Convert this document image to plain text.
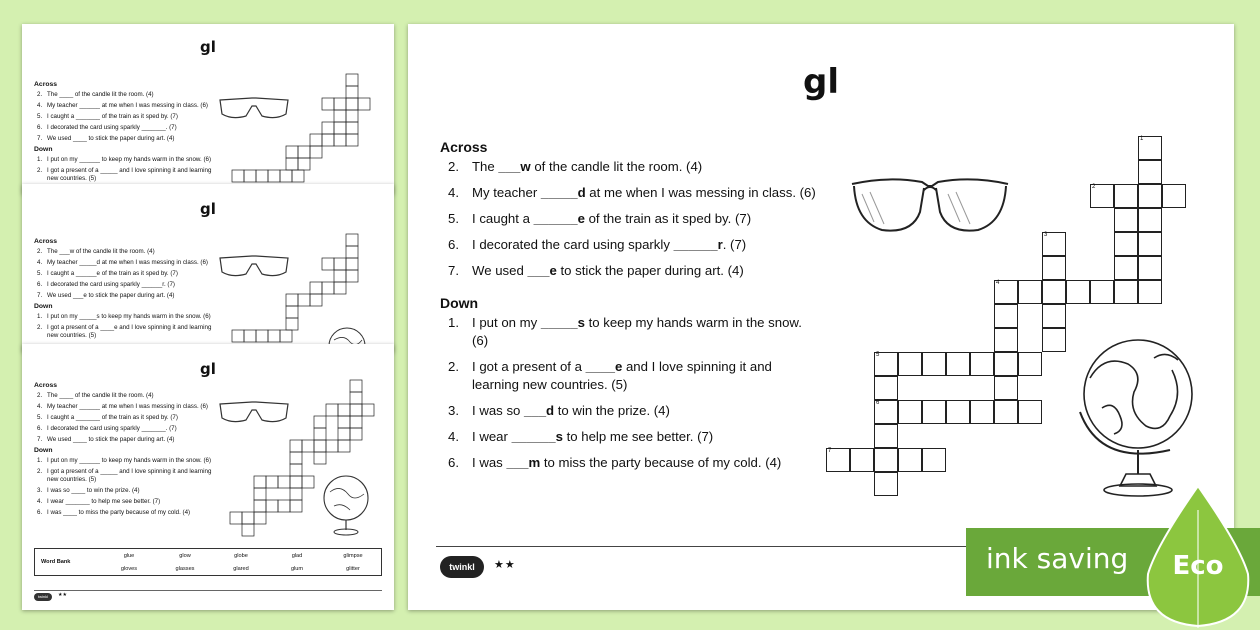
gl
Across
2. The ____ of the candle lit the room. (4)
4. My teacher ______ at me when I was messing in class. (6)
5. I caught a _______ of the train as it sped by. (7)
6. I decorated the card using sparkly _______. (7)
7. We used ____ to stick the paper during art. (4)
Down
1. I put on my ______ to keep my hands warm in the snow. (6)
2. I got a present of a _____ and I love spinning it and learning new countries. (5)
gl
Across
2. The ___w of the candle lit the room. (4)
4. My teacher _____d at me when I was messing in class. (6)
5. I caught a ______e of the train as it sped by. (7)
6. I decorated the card using sparkly ______r. (7)
7. We used ___e to stick the paper during art. (4)
Down
1. I put on my _____s to keep my hands warm in the snow. (6)
2. I got a present of a ____e and I love spinning it and learning new countries. (5)
gl
Across
2. The ____ of the candle lit the room. (4)
4. My teacher ______ at me when I was messing in class. (6)
5. I caught a _______ of the train as it sped by. (7)
6. I decorated the card using sparkly _______. (7)
7. We used ____ to stick the paper during art. (4)
Down
1. I put on my ______ to keep my hands warm in the snow. (6)
2. I got a present of a _____ and I love spinning it and learning new countries. (5)
3. I was so ____ to win the prize. (4)
4. I wear _______ to help me see better. (7)
6. I was ____ to miss the party because of my cold. (4)
Word Bank
glue	glow	globe	glad	glimpse
gloves	glasses	glared	glum	glitter
twinkl	★★
gl
Across
2. The ___w of the candle lit the room. (4)
4. My teacher _____d at me when I was messing in class. (6)
5. I caught a ______e of the train as it sped by. (7)
6. I decorated the card using sparkly ______r. (7)
7. We used ___e to stick the paper during art. (4)
Down
1. I put on my _____s to keep my hands warm in the snow. (6)
2. I got a present of a ____e and I love spinning it and learning new countries. (5)
3. I was so ___d to win the prize. (4)
4. I wear ______s to help me see better. (7)
6. I was ___m to miss the party because of my cold. (4)
1
2
3
4
5
6
7
twinkl	★★	ink saving Eco
